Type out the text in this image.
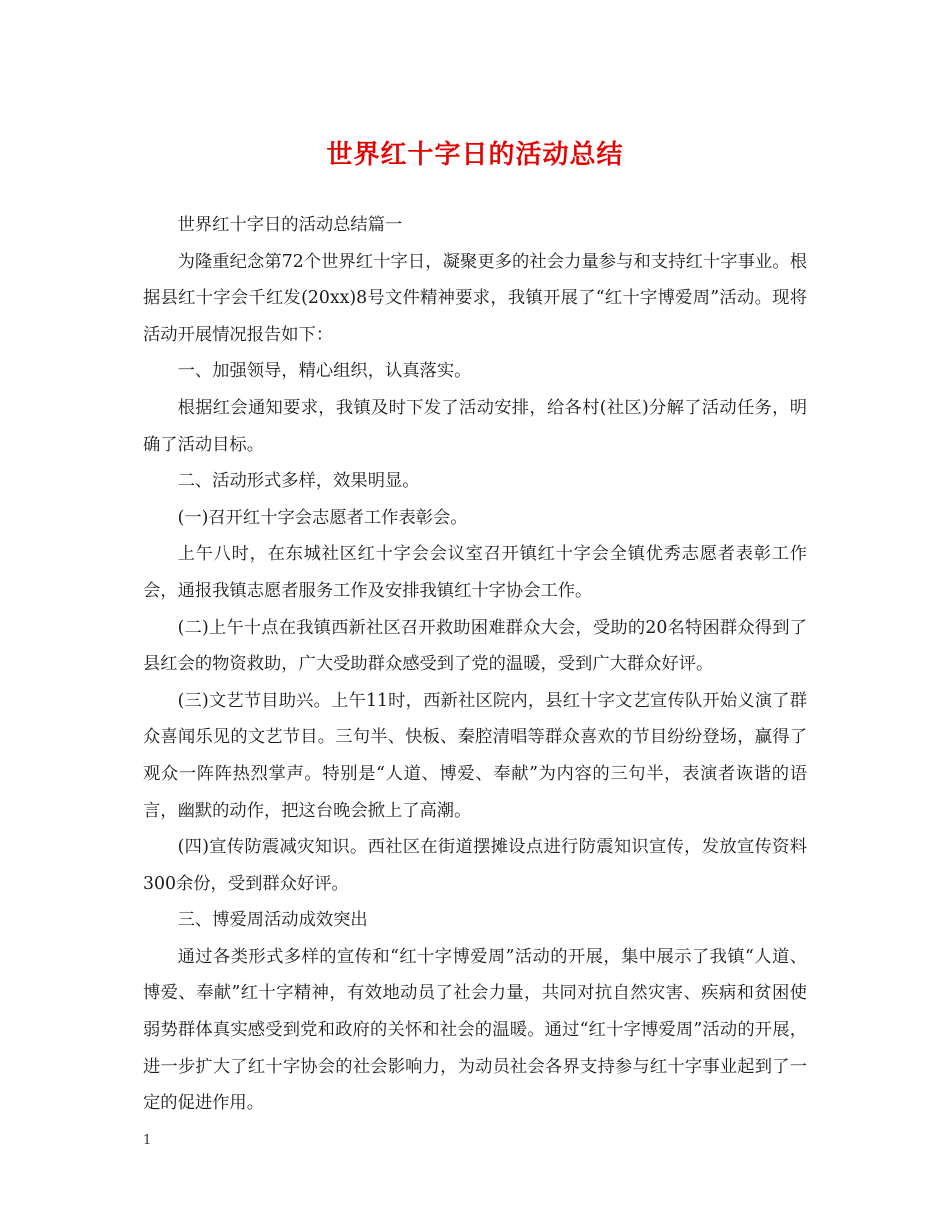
世界红十字日的活动总结

世界红十字日的活动总结篇一

为隆重纪念第72个世界红十字日，凝聚更多的社会力量参与和支持红十字事业。根据县红十字会千红发(20xx)8号文件精神要求，我镇开展了“红十字博爱周”活动。现将活动开展情况报告如下：

一、加强领导，精心组织，认真落实。

根据红会通知要求，我镇及时下发了活动安排，给各村(社区)分解了活动任务，明确了活动目标。

二、活动形式多样，效果明显。

(一)召开红十字会志愿者工作表彰会。

上午八时，在东城社区红十字会会议室召开镇红十字会全镇优秀志愿者表彰工作会，通报我镇志愿者服务工作及安排我镇红十字协会工作。

(二)上午十点在我镇西新社区召开救助困难群众大会，受助的20名特困群众得到了县红会的物资救助，广大受助群众感受到了党的温暖，受到广大群众好评。

(三)文艺节目助兴。上午11时，西新社区院内，县红十字文艺宣传队开始义演了群众喜闻乐见的文艺节目。三句半、快板、秦腔清唱等群众喜欢的节目纷纷登场，赢得了观众一阵阵热烈掌声。特别是“人道、博爱、奉献”为内容的三句半，表演者诙谐的语言，幽默的动作，把这台晚会掀上了高潮。

(四)宣传防震减灾知识。西社区在街道摆摊设点进行防震知识宣传，发放宣传资料300余份，受到群众好评。

三、博爱周活动成效突出

通过各类形式多样的宣传和“红十字博爱周”活动的开展，集中展示了我镇“人道、博爱、奉献”红十字精神，有效地动员了社会力量，共同对抗自然灾害、疾病和贫困使弱势群体真实感受到党和政府的关怀和社会的温暖。通过“红十字博爱周”活动的开展，进一步扩大了红十字协会的社会影响力，为动员社会各界支持参与红十字事业起到了一定的促进作用。

1
